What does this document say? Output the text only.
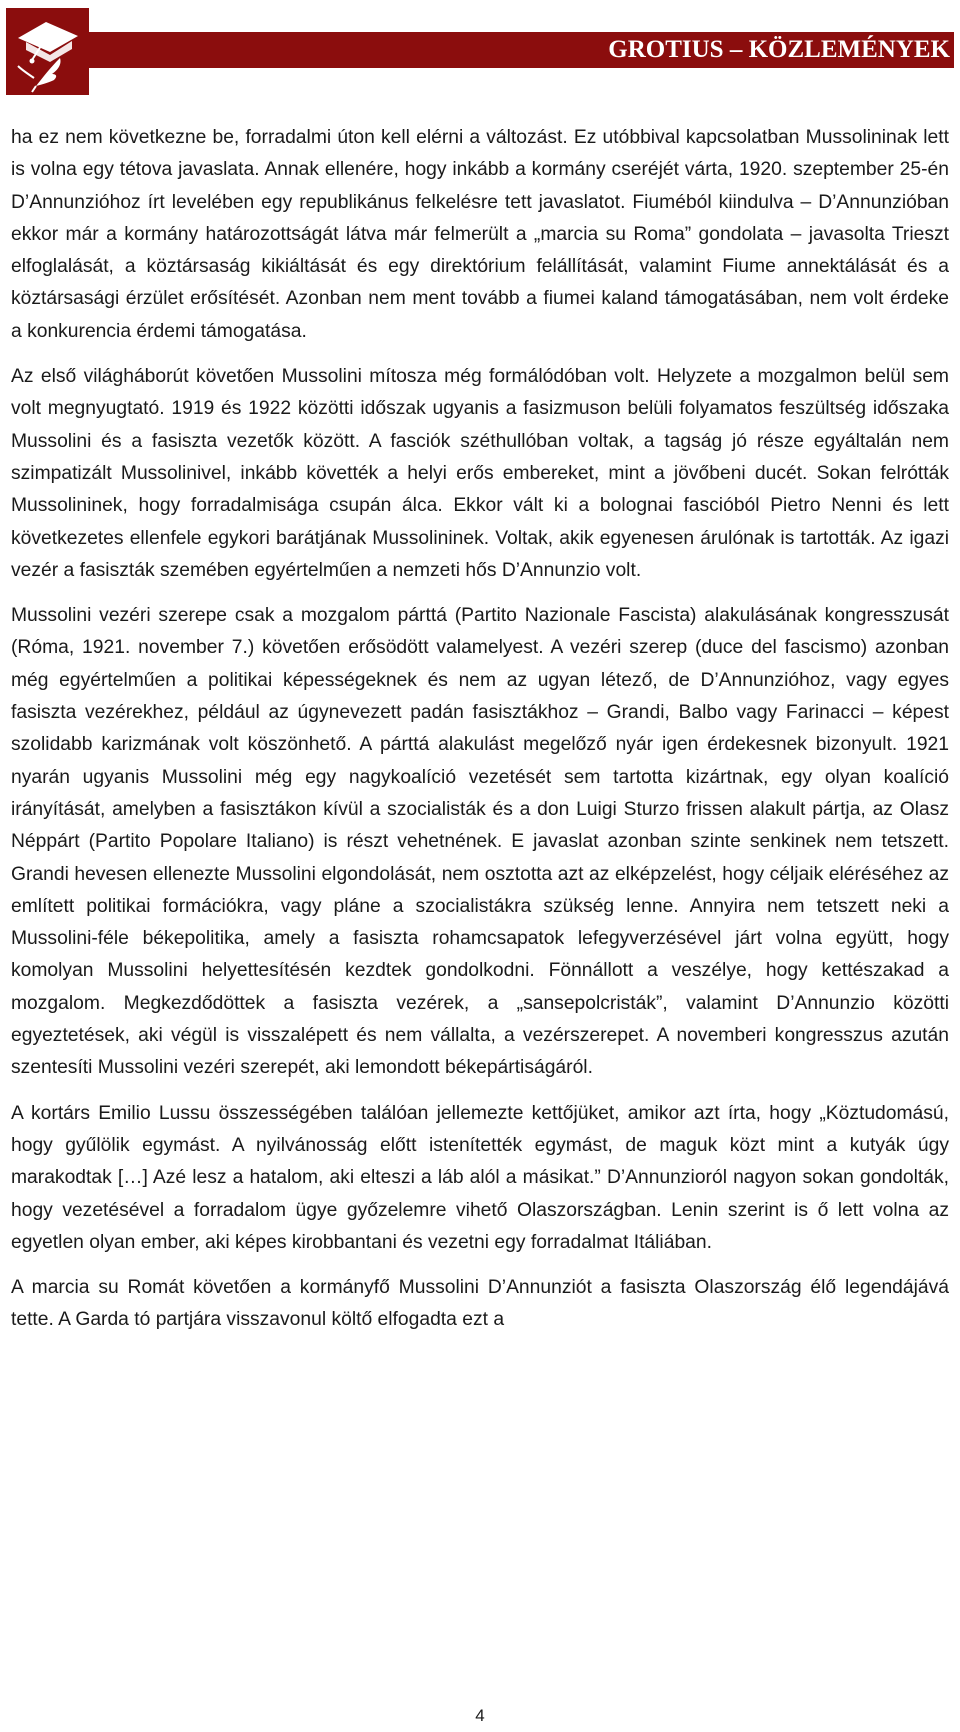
GROTIUS – KÖZLEMÉNYEK

ha ez nem következne be, forradalmi úton kell elérni a változást. Ez utóbbival kapcsolatban Mussolininak lett is volna egy tétova javaslata. Annak ellenére, hogy inkább a kormány cseréjét várta, 1920. szeptember 25-én D’Annunzióhoz írt levelében egy republikánus felkelésre tett javaslatot. Fiuméból kiindulva – D’Annunzióban ekkor már a kormány határozottságát látva már felmerült a „marcia su Roma” gondolata – javasolta Trieszt elfoglalását, a köztársaság kikiáltását és egy direktórium felállítását, valamint Fiume annektálását és a köztársasági érzület erősítését. Azonban nem ment tovább a fiumei kaland támogatásában, nem volt érdeke a konkurencia érdemi támogatása.

Az első világháborút követően Mussolini mítosza még formálódóban volt. Helyzete a mozgalmon belül sem volt megnyugtató. 1919 és 1922 közötti időszak ugyanis a fasizmuson belüli folyamatos feszültség időszaka Mussolini és a fasiszta vezetők között. A fasciók széthullóban voltak, a tagság jó része egyáltalán nem szimpatizált Mussolinivel, inkább követték a helyi erős embereket, mint a jövőbeni ducét. Sokan felrótták Mussolininek, hogy forradalmisága csupán álca. Ekkor vált ki a bolognai fascióból Pietro Nenni és lett következetes ellenfele egykori barátjának Mussolininek. Voltak, akik egyenesen árulónak is tartották. Az igazi vezér a fasiszták szemében egyértelműen a nemzeti hős D’Annunzio volt.

Mussolini vezéri szerepe csak a mozgalom párttá (Partito Nazionale Fascista) alakulásának kongresszusát (Róma, 1921. november 7.) követően erősödött valamelyest. A vezéri szerep (duce del fascismo) azonban még egyértelműen a politikai képességeknek és nem az ugyan létező, de D’Annunzióhoz, vagy egyes fasiszta vezérekhez, például az úgynevezett padán fasisztákhoz – Grandi, Balbo vagy Farinacci – képest szolidabb karizmának volt köszönhető. A párttá alakulást megelőző nyár igen érdekesnek bizonyult. 1921 nyarán ugyanis Mussolini még egy nagykoalíció vezetését sem tartotta kizártnak, egy olyan koalíció irányítását, amelyben a fasisztákon kívül a szocialisták és a don Luigi Sturzo frissen alakult pártja, az Olasz Néppárt (Partito Popolare Italiano) is részt vehetnének. E javaslat azonban szinte senkinek nem tetszett. Grandi hevesen ellenezte Mussolini elgondolását, nem osztotta azt az elképzelést, hogy céljaik eléréséhez az említett politikai formációkra, vagy pláne a szocialistákra szükség lenne. Annyira nem tetszett neki a Mussolini-féle békepolitika, amely a fasiszta rohamcsapatok lefegyverzésével járt volna együtt, hogy komolyan Mussolini helyettesítésén kezdtek gondolkodni. Fönnállott a veszélye, hogy kettészakad a mozgalom. Megkezdődöttek a fasiszta vezérek, a „sansepolcristák”, valamint D’Annunzio közötti egyeztetések, aki végül is visszalépett és nem vállalta, a vezérszerepet. A novemberi kongresszus azután szentesíti Mussolini vezéri szerepét, aki lemondott békepártiságáról.

A kortárs Emilio Lussu összességében találóan jellemezte kettőjüket, amikor azt írta, hogy „Köztudomású, hogy gyűlölik egymást. A nyilvánosság előtt istenítették egymást, de maguk közt mint a kutyák úgy marakodtak […] Azé lesz a hatalom, aki elteszi a láb alól a másikat.” D’Annunzioról nagyon sokan gondolták, hogy vezetésével a forradalom ügye győzelemre vihető Olaszországban. Lenin szerint is ő lett volna az egyetlen olyan ember, aki képes kirobbantani és vezetni egy forradalmat Itáliában.

A marcia su Romát követően a kormányfő Mussolini D’Annunziót a fasiszta Olaszország élő legendájává tette. A Garda tó partjára visszavonul költő elfogadta ezt a

4
